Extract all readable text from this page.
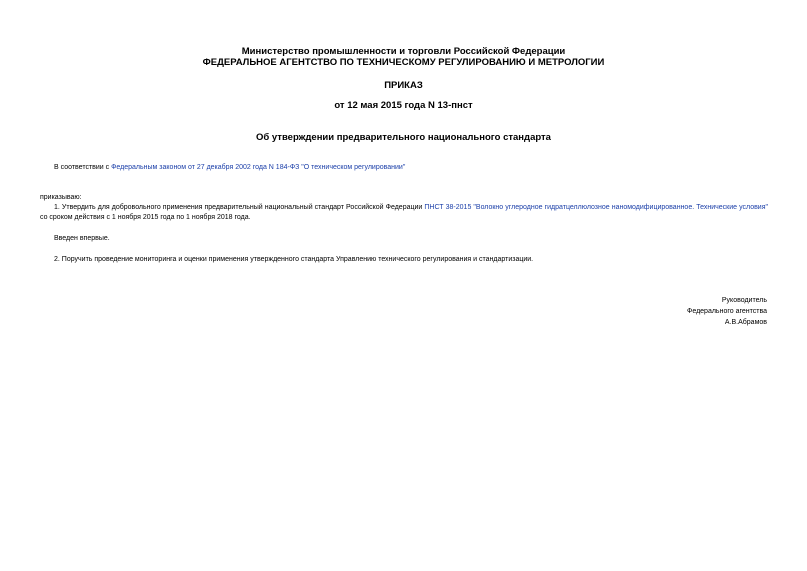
Министерство промышленности и торговли Российской Федерации
ФЕДЕРАЛЬНОЕ АГЕНТСТВО ПО ТЕХНИЧЕСКОМУ РЕГУЛИРОВАНИЮ И МЕТРОЛОГИИ
ПРИКАЗ
от 12 мая 2015 года N 13-пнст
Об утверждении предварительного национального стандарта
В соответствии с Федеральным законом от 27 декабря 2002 года N 184-ФЗ "О техническом регулировании"
приказываю:
1. Утвердить для добровольного применения предварительный национальный стандарт Российской Федерации ПНСТ 38-2015 "Волокно углеродное гидратцеллюлозное наномодифицированное. Технические условия" со сроком действия с 1 ноября 2015 года по 1 ноября 2018 года.
Введен впервые.
2. Поручить проведение мониторинга и оценки применения утвержденного стандарта Управлению технического регулирования и стандартизации.
Руководитель
Федерального агентства
А.В.Абрамов
